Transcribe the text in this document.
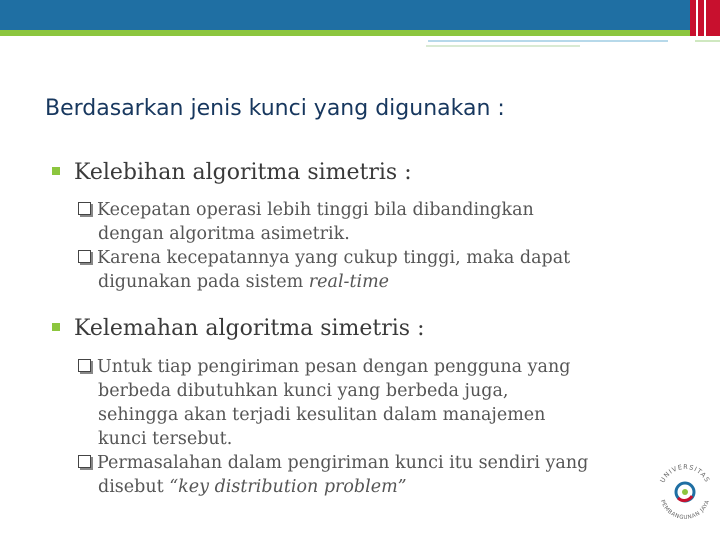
Berdasarkan jenis kunci yang digunakan :
Kelebihan algoritma simetris :
Kecepatan operasi lebih tinggi bila dibandingkan
dengan algoritma asimetrik.
Karena kecepatannya yang cukup tinggi, maka dapat
digunakan pada sistem real-time
Kelemahan algoritma simetris :
Untuk tiap pengiriman pesan dengan pengguna yang
berbeda dibutuhkan kunci yang berbeda juga,
sehingga akan terjadi kesulitan dalam manajemen
kunci tersebut.
Permasalahan dalam pengiriman kunci itu sendiri yang
disebut “key distribution problem”	UNIVERSITAS
PEMBANGUNAN JAYA
